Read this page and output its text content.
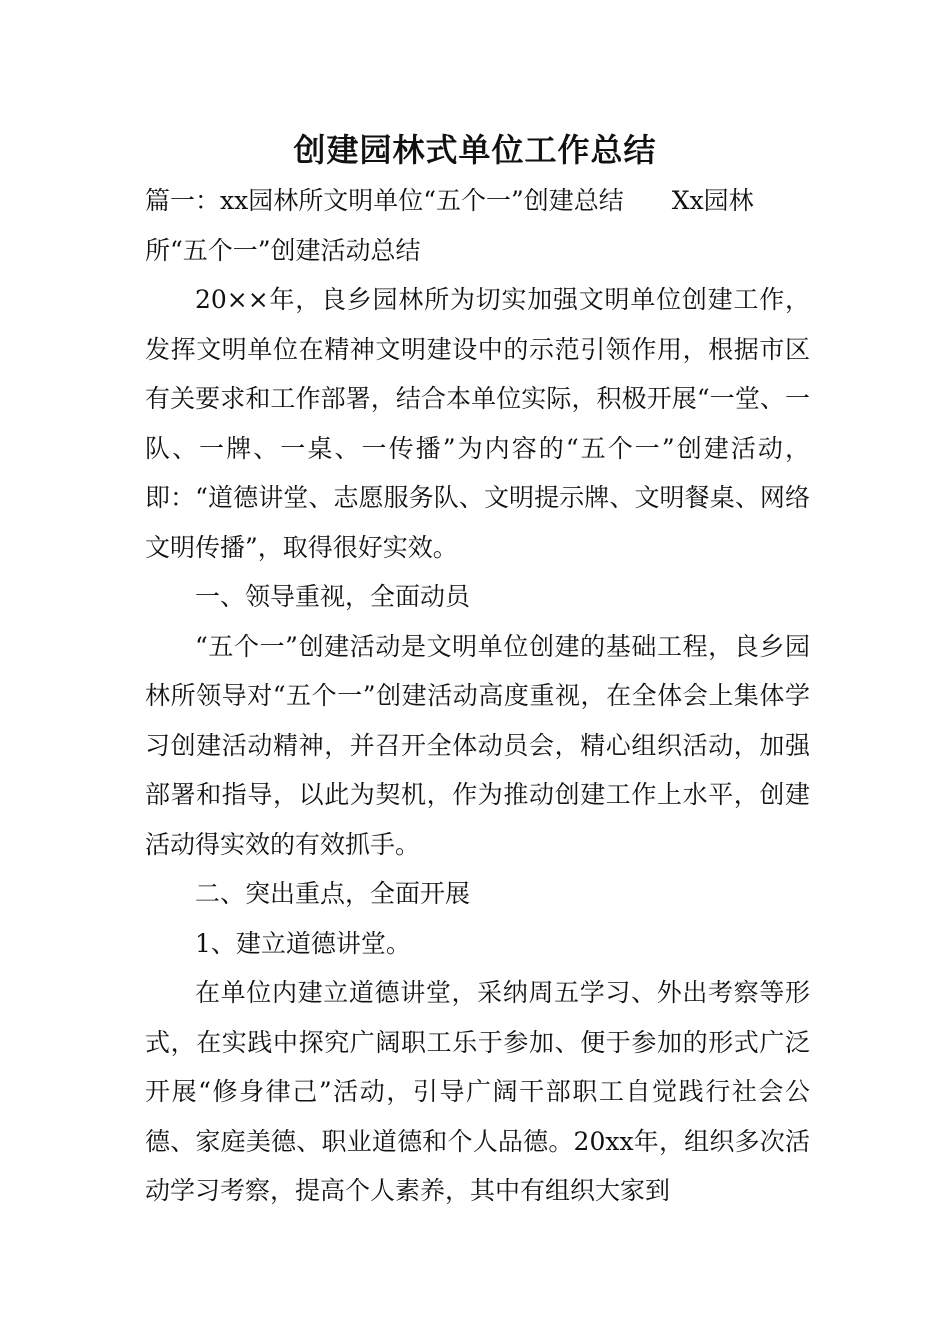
创建园林式单位工作总结

篇一：xx园林所文明单位“五个一”创建总结 Xx园林

所“五个一”创建活动总结

20××年，良乡园林所为切实加强文明单位创建工作，发挥文明单位在精神文明建设中的示范引领作用，根据市区有关要求和工作部署，结合本单位实际，积极开展“一堂、一队、一牌、一桌、一传播”为内容的“五个一”创建活动，即：“道德讲堂、志愿服务队、文明提示牌、文明餐桌、网络文明传播”，取得很好实效。

一、领导重视，全面动员

“五个一”创建活动是文明单位创建的基础工程，良乡园林所领导对“五个一”创建活动高度重视，在全体会上集体学习创建活动精神，并召开全体动员会，精心组织活动，加强部署和指导，以此为契机，作为推动创建工作上水平，创建活动得实效的有效抓手。

二、突出重点，全面开展

1、建立道德讲堂。

在单位内建立道德讲堂，采纳周五学习、外出考察等形式，在实践中探究广阔职工乐于参加、便于参加的形式广泛开展“修身律己”活动，引导广阔干部职工自觉践行社会公德、家庭美德、职业道德和个人品德。20xx年，组织多次活动学习考察，提高个人素养，其中有组织大家到
